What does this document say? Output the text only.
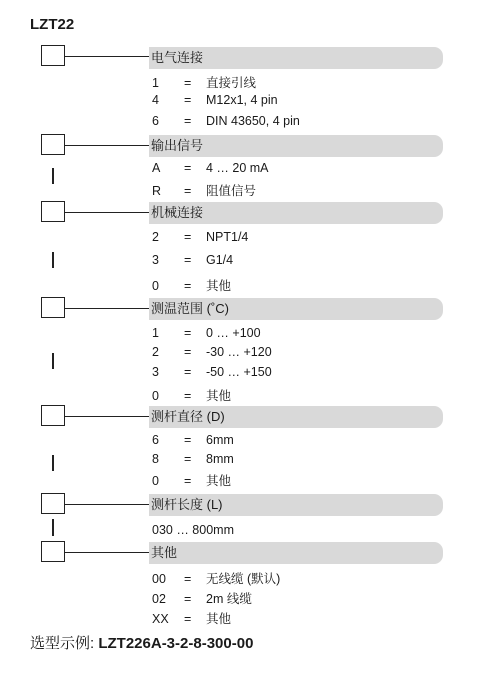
LZT22
电气连接
1 = 直接引线
4 = M12x1, 4 pin
6 = DIN 43650, 4 pin
输出信号
A = 4 … 20 mA
R = 阻值信号
机械连接
2 = NPT1/4
3 = G1/4
0 = 其他
测温范围 (˚C)
1 = 0 … +100
2 = -30 … +120
3 = -50 … +150
0 = 其他
测杆直径 (D)
6 = 6mm
8 = 8mm
0 = 其他
测杆长度 (L)
030 … 800mm
其他
00 = 无线缆 (默认)
02 = 2m 线缆
XX = 其他
选型示例: LZT226A-3-2-8-300-00
